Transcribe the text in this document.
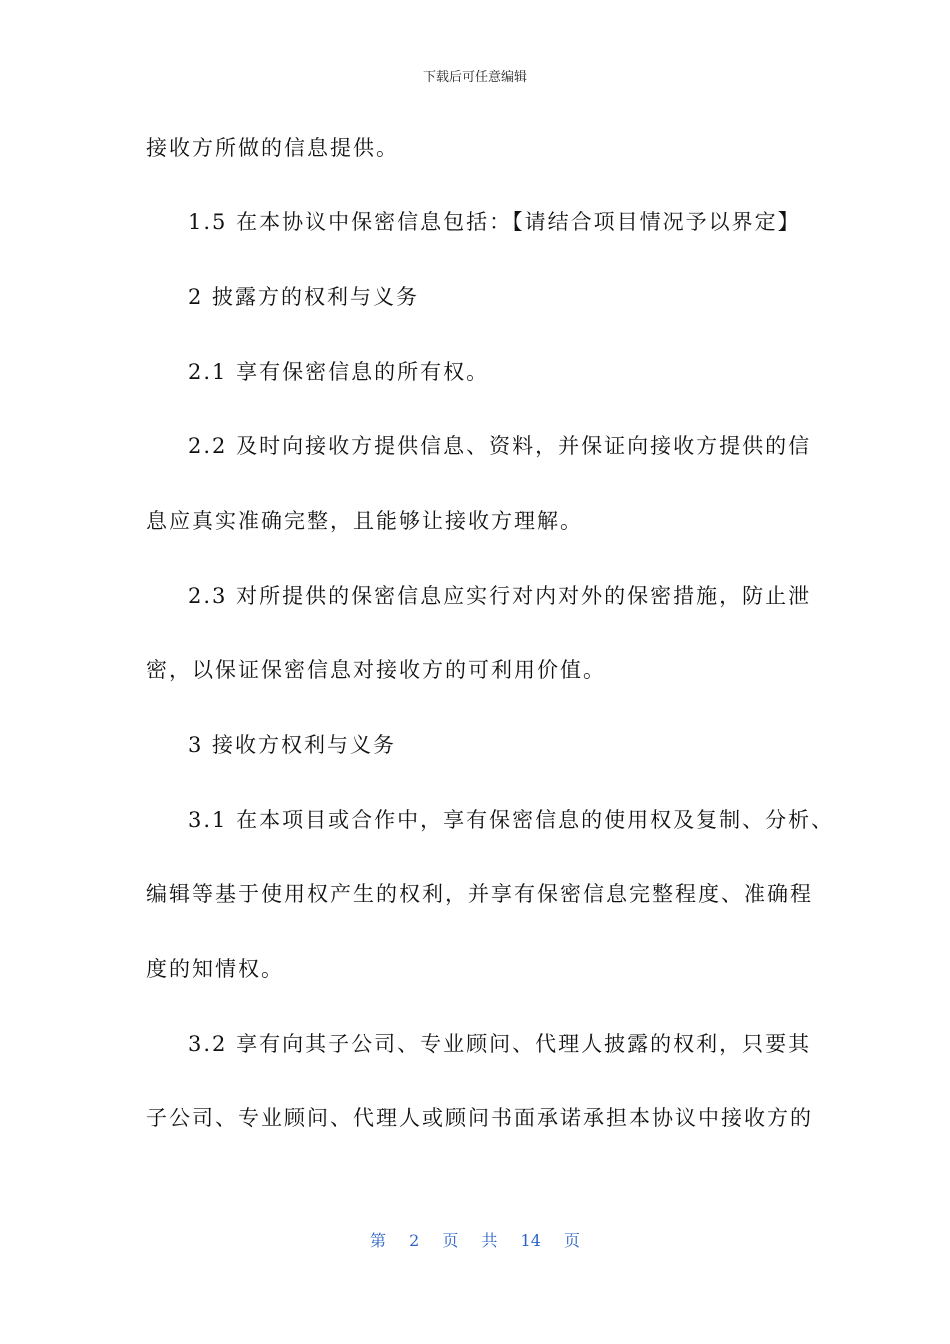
下载后可任意编辑
接收方所做的信息提供。
1.5 在本协议中保密信息包括：【请结合项目情况予以界定】
2 披露方的权利与义务
2.1 享有保密信息的所有权。
2.2 及时向接收方提供信息、资料，并保证向接收方提供的信
息应真实准确完整，且能够让接收方理解。
2.3 对所提供的保密信息应实行对内对外的保密措施，防止泄
密，以保证保密信息对接收方的可利用价值。
3 接收方权利与义务
3.1 在本项目或合作中，享有保密信息的使用权及复制、分析、
编辑等基于使用权产生的权利，并享有保密信息完整程度、准确程
度的知情权。
3.2 享有向其子公司、专业顾问、代理人披露的权利，只要其
子公司、专业顾问、代理人或顾问书面承诺承担本协议中接收方的
第 2 页 共 14 页
